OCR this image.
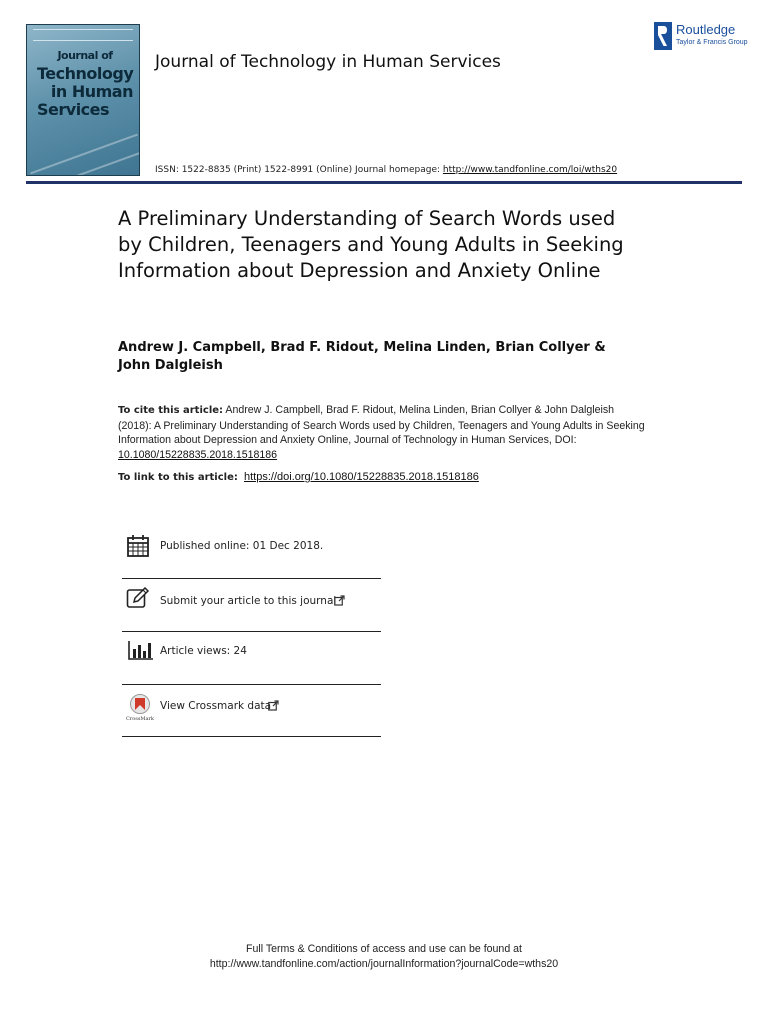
Journal of
Technology
in Human
Services
Journal of Technology in Human Services
Routledge
Taylor & Francis Group
ISSN: 1522-8835 (Print) 1522-8991 (Online) Journal homepage: http://www.tandfonline.com/loi/wths20
A Preliminary Understanding of Search Words used by Children, Teenagers and Young Adults in Seeking Information about Depression and Anxiety Online
Andrew J. Campbell, Brad F. Ridout, Melina Linden, Brian Collyer & John Dalgleish
To cite this article: Andrew J. Campbell, Brad F. Ridout, Melina Linden, Brian Collyer & John Dalgleish (2018): A Preliminary Understanding of Search Words used by Children, Teenagers and Young Adults in Seeking Information about Depression and Anxiety Online, Journal of Technology in Human Services, DOI: 10.1080/15228835.2018.1518186
To link to this article: https://doi.org/10.1080/15228835.2018.1518186
Published online: 01 Dec 2018.
Submit your article to this journal
Article views: 24
CrossMark
View Crossmark data
Full Terms & Conditions of access and use can be found at
http://www.tandfonline.com/action/journalInformation?journalCode=wths20
